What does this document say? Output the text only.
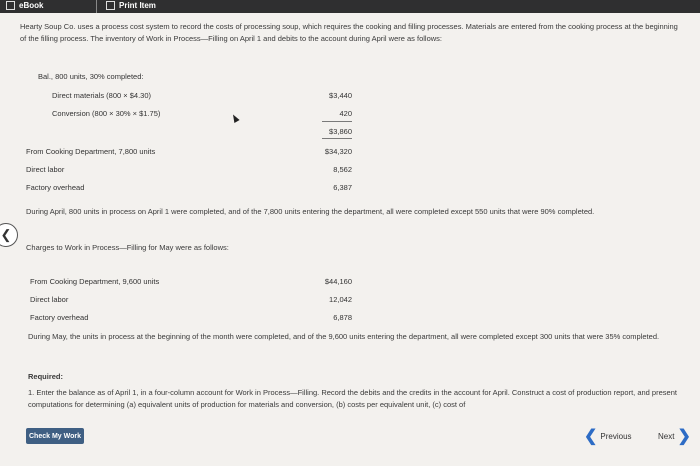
eBook	Print Item
Hearty Soup Co. uses a process cost system to record the costs of processing soup, which requires the cooking and filling processes. Materials are entered from the cooking process at the beginning of the filling process. The inventory of Work in Process—Filling on April 1 and debits to the account during April were as follows:
Bal., 800 units, 30% completed:
Direct materials (800 × $4.30)	$3,440
Conversion (800 × 30% × $1.75)	420
$3,860
From Cooking Department, 7,800 units	$34,320
Direct labor	8,562
Factory overhead	6,387
During April, 800 units in process on April 1 were completed, and of the 7,800 units entering the department, all were completed except 550 units that were 90% completed.
Charges to Work in Process—Filling for May were as follows:
From Cooking Department, 9,600 units	$44,160
Direct labor	12,042
Factory overhead	6,878
During May, the units in process at the beginning of the month were completed, and of the 9,600 units entering the department, all were completed except 300 units that were 35% completed.
Required:
1. Enter the balance as of April 1, in a four-column account for Work in Process—Filling. Record the debits and the credits in the account for April. Construct a cost of production report, and present computations for determining (a) equivalent units of production for materials and conversion, (b) costs per equivalent unit, (c) cost of
❮
Check My Work	❮ Previous	Next ❯
